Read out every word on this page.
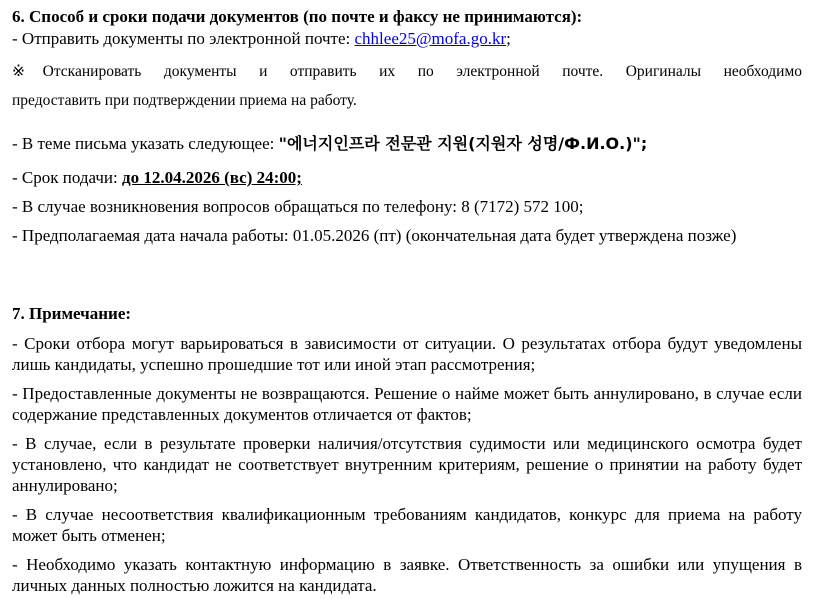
6. Способ и сроки подачи документов (по почте и факсу не принимаются):

- Отправить документы по электронной почте: chhlee25@mofa.go.kr;

※Отсканировать документы и отправить их по электронной почте. Оригиналы необходимо

предоставить при подтверждении приема на работу.

- В теме письма указать следующее: "에너지인프라 전문관 지원(지원자 성명/Ф.И.О.)";

- Срок подачи: до 12.04.2026 (вс) 24:00;

- В случае возникновения вопросов обращаться по телефону: 8 (7172) 572 100;

- Предполагаемая дата начала работы: 01.05.2026 (пт) (окончательная дата будет утверждена позже)

7. Примечание:

- Сроки отбора могут варьироваться в зависимости от ситуации. О результатах отбора будут уведомлены лишь кандидаты, успешно прошедшие тот или иной этап рассмотрения;

- Предоставленные документы не возвращаются. Решение о найме может быть аннулировано, в случае если содержание представленных документов отличается от фактов;

- В случае, если в результате проверки наличия/отсутствия судимости или медицинского осмотра будет установлено, что кандидат не соответствует внутренним критериям, решение о принятии на работу будет аннулировано;

- В случае несоответствия квалификационным требованиям кандидатов, конкурс для приема на работу может быть отменен;

- Необходимо указать контактную информацию в заявке. Ответственность за ошибки или упущения в личных данных полностью ложится на кандидата.
